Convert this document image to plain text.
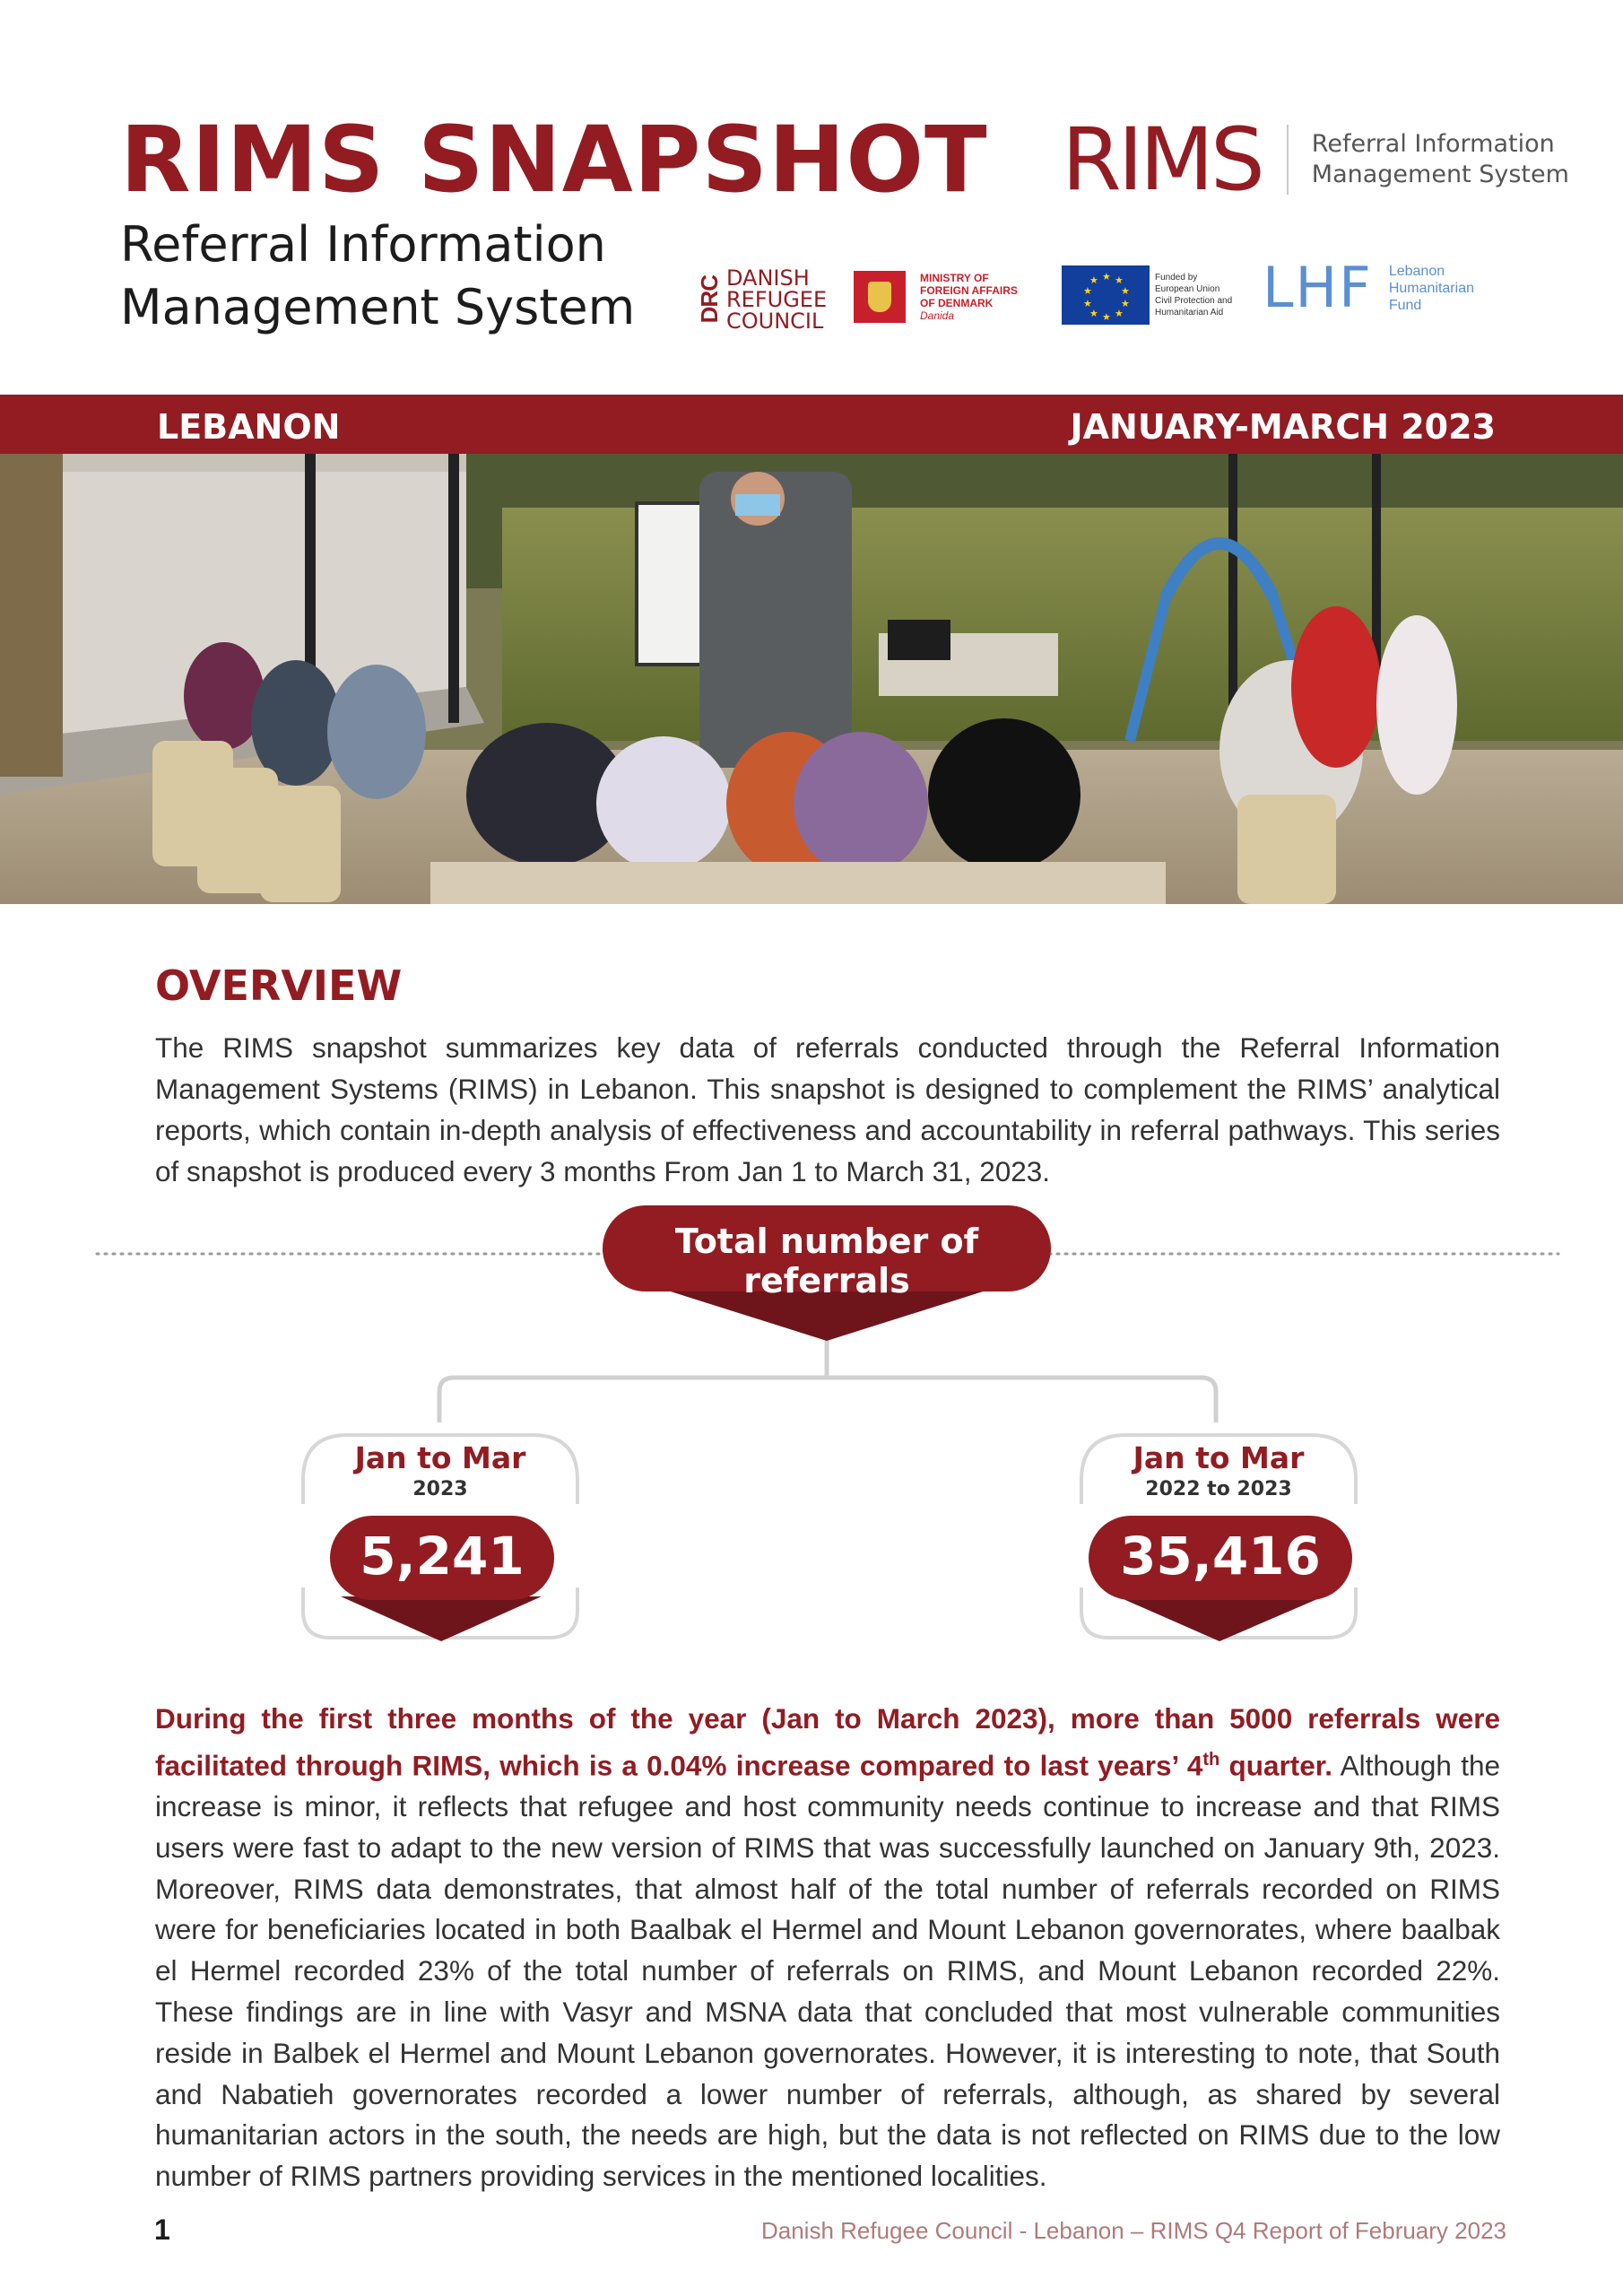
RIMS SNAPSHOT
Referral Information
Management System
RIMS Referral Information
Management System
DRC DANISH
REFUGEE
COUNCIL
MINISTRY OF
FOREIGN AFFAIRS
OF DENMARK
Danida
★ ★
★
★
★
★
★
★
★
★	Funded by
European Union
Civil Protection and
Humanitarian Aid LHF Lebanon
Humanitarian
Fund
LEBANON	JANUARY-MARCH 2023
OVERVIEW

The RIMS snapshot summarizes key data of referrals conducted through the Referral Information Management Systems (RIMS) in Lebanon. This snapshot is designed to complement the RIMS’ analytical reports, which contain in-depth analysis of effectiveness and accountability in referral pathways. This series of snapshot is produced every 3 months From Jan 1 to March 31, 2023.

Total number of referrals
Jan to Mar
2023
5,241
Jan to Mar
2022 to 2023
35,416

During the first three months of the year (Jan to March 2023), more than 5000 referrals were facilitated through RIMS, which is a 0.04% increase compared to last years’ 4th quarter. Although the increase is minor, it reflects that refugee and host community needs continue to increase and that RIMS users were fast to adapt to the new version of RIMS that was successfully launched on January 9th, 2023. Moreover, RIMS data demonstrates, that almost half of the total number of referrals recorded on RIMS were for beneficiaries located in both Baalbak el Hermel and Mount Lebanon governorates, where baalbak el Hermel recorded 23% of the total number of referrals on RIMS, and Mount Lebanon recorded 22%. These findings are in line with Vasyr and MSNA data that concluded that most vulnerable communities reside in Balbek el Hermel and Mount Lebanon governorates. However, it is interesting to note, that South and Nabatieh governorates recorded a lower number of referrals, although, as shared by several humanitarian actors in the south, the needs are high, but the data is not reflected on RIMS due to the low number of RIMS partners providing services in the mentioned localities.

1	Danish Refugee Council - Lebanon – RIMS Q4 Report of February 2023
